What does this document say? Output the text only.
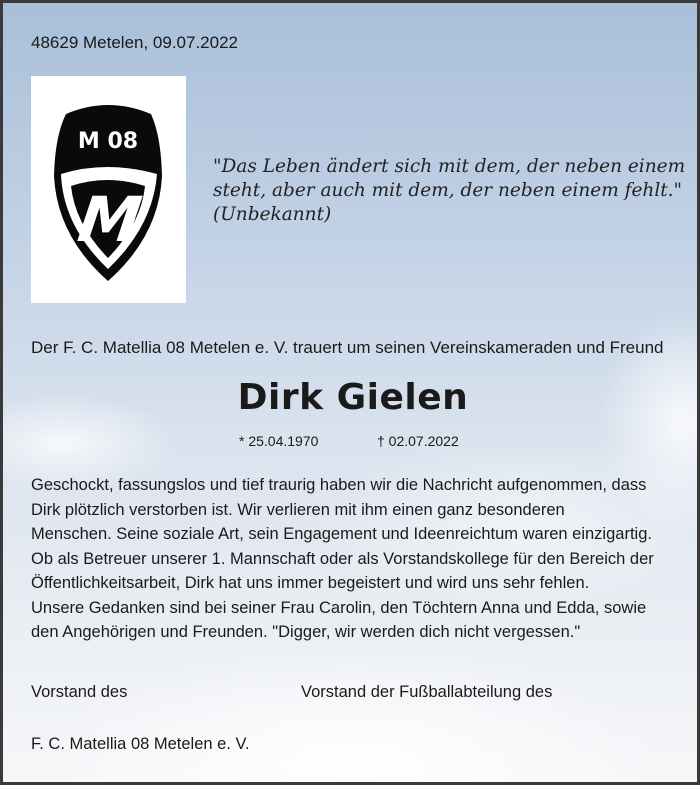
48629 Metelen, 09.07.2022
M 08
M
"Das Leben ändert sich mit dem, der neben einem
steht, aber auch mit dem, der neben einem fehlt."
(Unbekannt)
Der F. C. Matellia 08 Metelen e. V. trauert um seinen Vereinskameraden und Freund
Dirk Gielen
* 25.04.1970	† 02.07.2022
Geschockt, fassungslos und tief traurig haben wir die Nachricht aufgenommen, dass
Dirk plötzlich verstorben ist. Wir verlieren mit ihm einen ganz besonderen
Menschen. Seine soziale Art, sein Engagement und Ideenreichtum waren einzigartig.
Ob als Betreuer unserer 1. Mannschaft oder als Vorstandskollege für den Bereich der
Öffentlichkeitsarbeit, Dirk hat uns immer begeistert und wird uns sehr fehlen.
Unsere Gedanken sind bei seiner Frau Carolin, den Töchtern Anna und Edda, sowie
den Angehörigen und Freunden. "Digger, wir werden dich nicht vergessen."
Vorstand des	Vorstand der Fußballabteilung des
F. C. Matellia 08 Metelen e. V.
